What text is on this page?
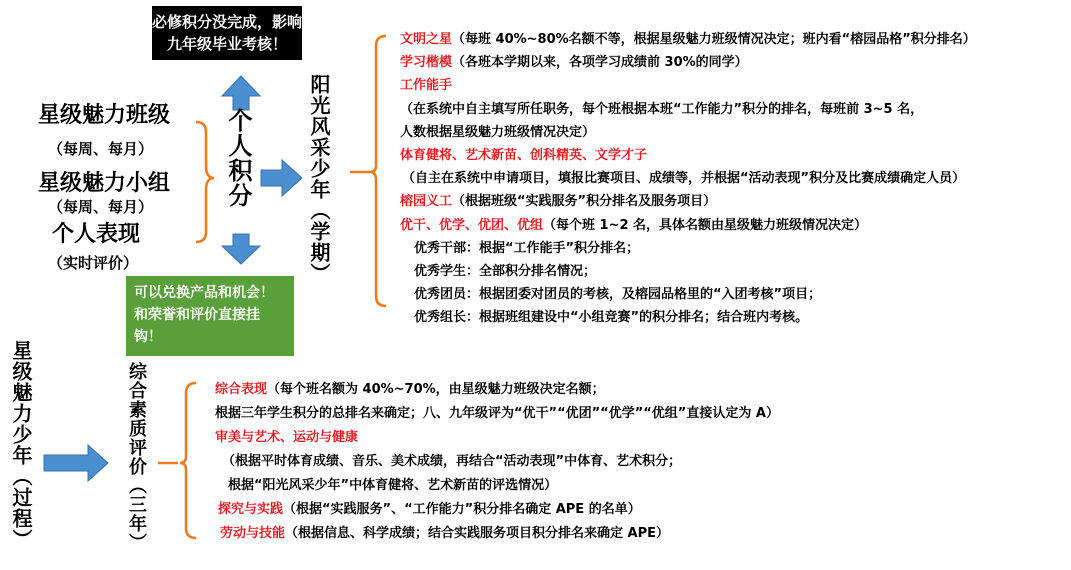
星级魅力班级
（每周、每月）
星级魅力小组
（每周、每月）
个人表现
（实时评价）
必修积分没完成，影响九年级毕业考核！
个人积分
可以兑换产品和机会！和荣誉和评价直接挂钩！
阳光风采少年（学期）
文明之星（每班 40%~80%名额不等，根据星级魅力班级情况决定；班内看“榕园品格”积分排名）
学习楷模（各班本学期以来，各项学习成绩前 30%的同学）
工作能手
（在系统中自主填写所任职务，每个班根据本班“工作能力”积分的排名，每班前 3~5 名，
人数根据星级魅力班级情况决定）
体育健将、艺术新苗、创科精英、文学才子
（自主在系统中申请项目，填报比赛项目、成绩等，并根据“活动表现”积分及比赛成绩确定人员）
榕园义工（根据班级“实践服务”积分排名及服务项目）
优干、优学、优团、优组（每个班 1~2 名，具体名额由星级魅力班级情况决定）
优秀干部：根据“工作能手”积分排名；
优秀学生：全部积分排名情况；
优秀团员：根据团委对团员的考核，及榕园品格里的“入团考核”项目；
优秀组长：根据班组建设中“小组竞赛”的积分排名；结合班内考核。
星级魅力少年（过程）	综合素质评价（三年）	综合表现（每个班名额为 40%~70%，由星级魅力班级决定名额；
根据三年学生积分的总排名来确定；八、九年级评为“优干”“优团”“优学”“优组”直接认定为 A）
审美与艺术、运动与健康
（根据平时体育成绩、音乐、美术成绩，再结合“活动表现”中体育、艺术积分；
根据“阳光风采少年”中体育健将、艺术新苗的评选情况）
探究与实践（根据“实践服务”、“工作能力”积分排名确定 APE 的名单）
劳动与技能（根据信息、科学成绩；结合实践服务项目积分排名来确定 APE）
